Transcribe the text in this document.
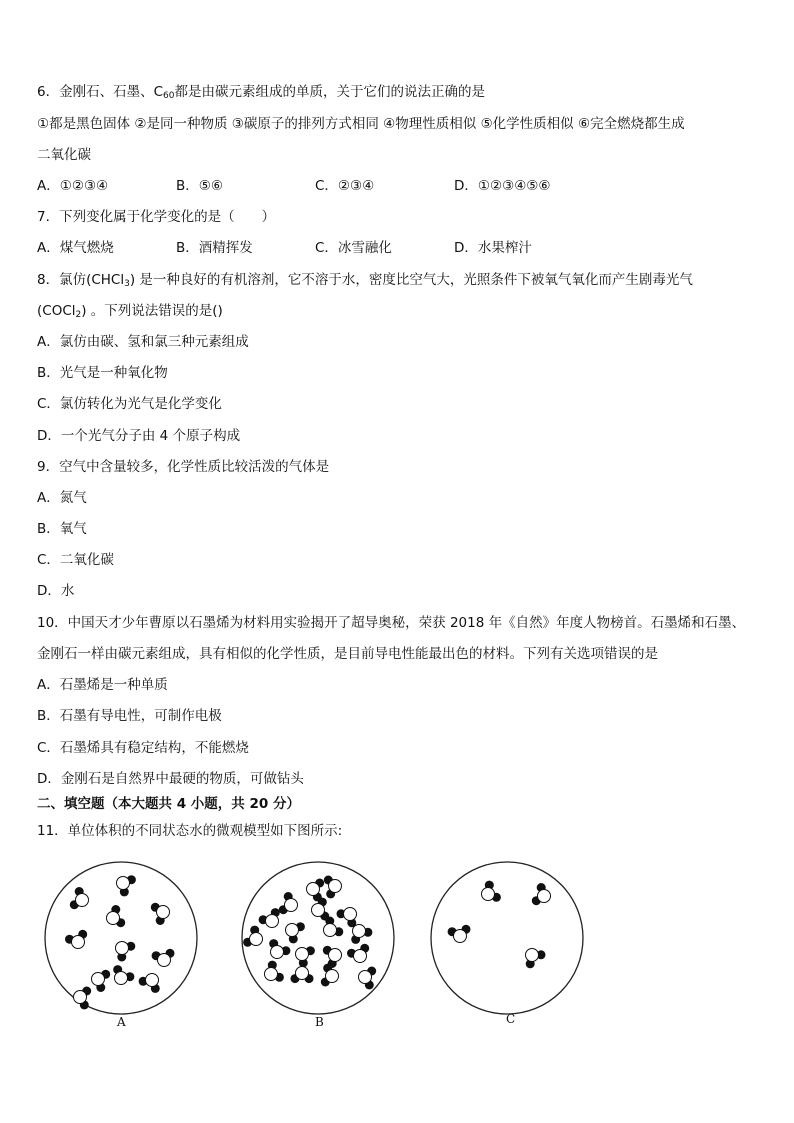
6．金刚石、石墨、$C_{60}$都是由碳元素组成的单质，关于它们的说法正确的是
①都是黑色固体 ②是同一种物质 ③碳原子的排列方式相同 ④物理性质相似 ⑤化学性质相似 ⑥完全燃烧都生成
二氧化碳
A．①②③④	B．⑤⑥	C．②③④	D．①②③④⑤⑥
7．下列变化属于化学变化的是（　　）
A．煤气燃烧	B．酒精挥发	C．冰雪融化	D．水果榨汁
8．氯仿(CHCl$_3$) 是一种良好的有机溶剂，它不溶于水，密度比空气大，光照条件下被氧气氧化而产生剧毒光气
(COCl$_2$) 。下列说法错误的是()
A．氯仿由碳、氢和氯三种元素组成
B．光气是一种氧化物
C．氯仿转化为光气是化学变化
D．一个光气分子由 4 个原子构成
9．空气中含量较多，化学性质比较活泼的气体是
A．氮气
B．氧气
C．二氧化碳
D．水
10．中国天才少年曹原以石墨烯为材料用实验揭开了超导奥秘，荣获 2018 年《自然》年度人物榜首。石墨烯和石墨、
金刚石一样由碳元素组成，具有相似的化学性质，是目前导电性能最出色的材料。下列有关选项错误的是
A．石墨烯是一种单质
B．石墨有导电性，可制作电极
C．石墨烯具有稳定结构，不能燃烧
D．金刚石是自然界中最硬的物质，可做钻头
二、填空题（本大题共 4 小题，共 20 分）
11．单位体积的不同状态水的微观模型如下图所示:
A	B	C
